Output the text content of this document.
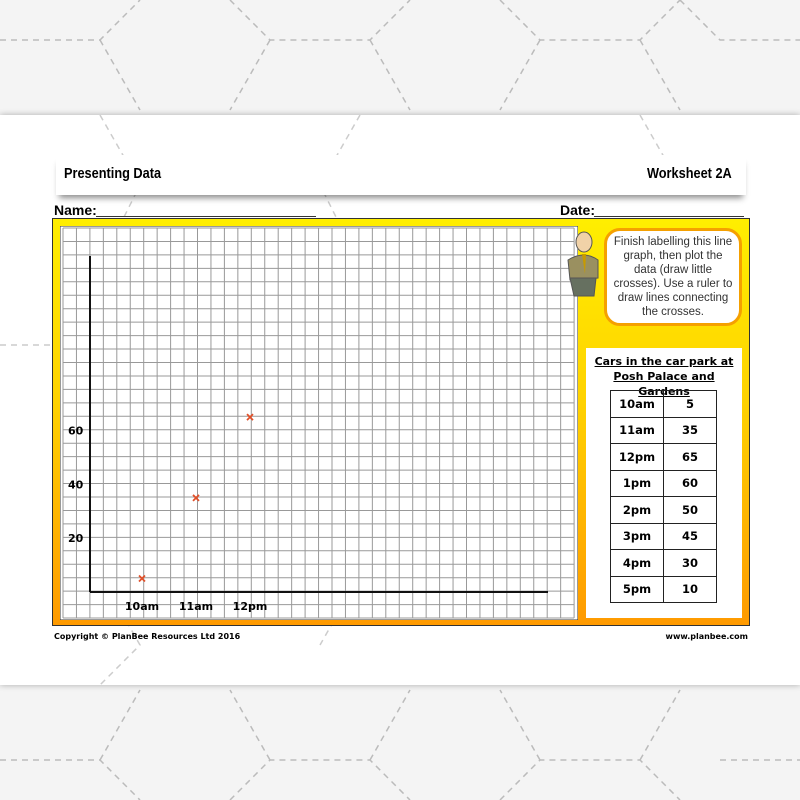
Presenting Data	Worksheet 2A
Name:	Date:
20
40
60
10am 11am 12pm
Finish labelling this line graph, then plot the data (draw little crosses). Use a ruler to draw lines connecting the crosses.
Cars in the car park at
Posh Palace and Gardens
10am	5
11am	35
12pm	65
1pm	60
2pm	50
3pm	45
4pm	30
5pm	10
Copyright © PlanBee Resources Ltd 2016	www.planbee.com
